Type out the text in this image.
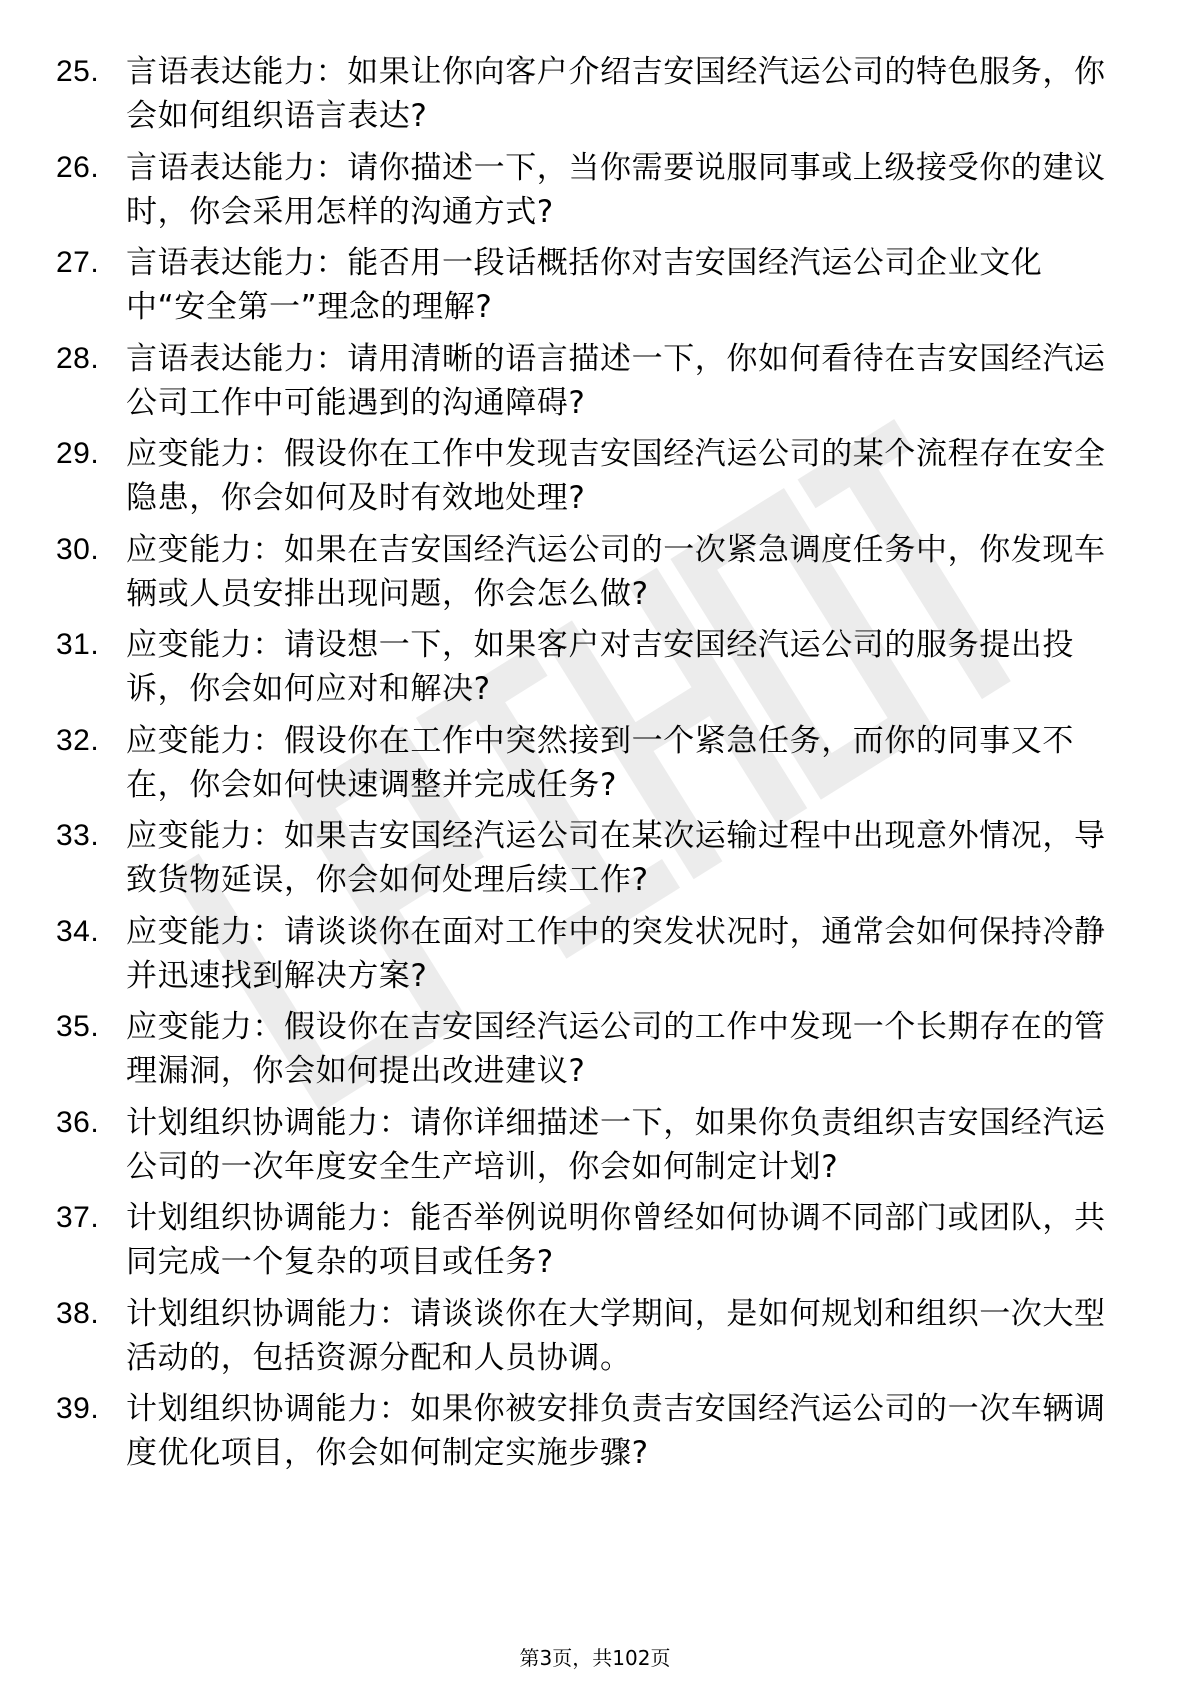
25. 言语表达能力：如果让你向客户介绍吉安国经汽运公司的特色服务，你会如何组织语言表达?
26. 言语表达能力：请你描述一下，当你需要说服同事或上级接受你的建议时，你会采用怎样的沟通方式?
27. 言语表达能力：能否用一段话概括你对吉安国经汽运公司企业文化中“安全第一”理念的理解?
28. 言语表达能力：请用清晰的语言描述一下，你如何看待在吉安国经汽运公司工作中可能遇到的沟通障碍?
29. 应变能力：假设你在工作中发现吉安国经汽运公司的某个流程存在安全隐患，你会如何及时有效地处理?
30. 应变能力：如果在吉安国经汽运公司的一次紧急调度任务中，你发现车辆或人员安排出现问题，你会怎么做?
31. 应变能力：请设想一下，如果客户对吉安国经汽运公司的服务提出投诉，你会如何应对和解决?
32. 应变能力：假设你在工作中突然接到一个紧急任务，而你的同事又不在，你会如何快速调整并完成任务?
33. 应变能力：如果吉安国经汽运公司在某次运输过程中出现意外情况，导致货物延误，你会如何处理后续工作?
34. 应变能力：请谈谈你在面对工作中的突发状况时，通常会如何保持冷静并迅速找到解决方案?
35. 应变能力：假设你在吉安国经汽运公司的工作中发现一个长期存在的管理漏洞，你会如何提出改进建议?
36. 计划组织协调能力：请你详细描述一下，如果你负责组织吉安国经汽运公司的一次年度安全生产培训，你会如何制定计划?
37. 计划组织协调能力：能否举例说明你曾经如何协调不同部门或团队，共同完成一个复杂的项目或任务?
38. 计划组织协调能力：请谈谈你在大学期间，是如何规划和组织一次大型活动的，包括资源分配和人员协调。
39. 计划组织协调能力：如果你被安排负责吉安国经汽运公司的一次车辆调度优化项目，你会如何制定实施步骤?
第3页，共102页
